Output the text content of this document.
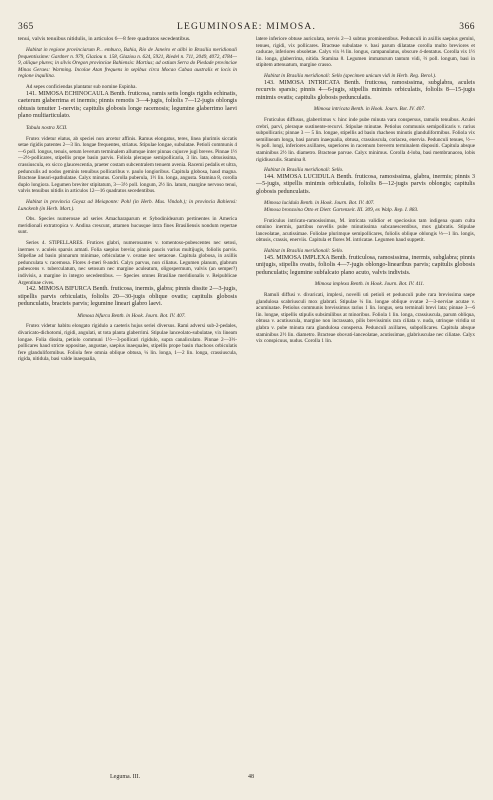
365	LEGUMINOSAE: MIMOSA.	366

tenui, valvis tenuibus nitidulis, in articulos 6—8 fere quadratos secedentibus.

Habitat in regione provinciarum P... embuco, Bahia, Rio de Janeiro et alibi in Brasilia meridionali frequentissime: Gardner n. 979, Glaziou n. 158, Glaziou n. 624, 5921, Riedel n. 711, 2049, 4072, 4784—9, aliique plures; in silvis Oregon provinciae Bahiensis: Martius; ad ostium Serra do Piedade provinciae Minas Geraes: Warming. Incolae Atan frequens in sepibus circa Mocao Cabaa australis et locis in regione inquilina.

Ad sepes conficiendas plantatur sub nomine Espinha.

141. MIMOSA ECHINOCAULA Benth. fruticosa, ramis setis longis rigidis echinatis, caeterum glaberrima et inermis; pinnis remotis 3—4-jugis, foliolis 7—12-jugis oblongis obtusis tenuiter 1-nerviis; capitulis globosis longe racemosis; legumine glaberrimo laevi plano multiarticulato.

Tabula nostra XCII.

Frutex videtur elatus, ab speciei non arcetur affinis. Ramus elongatus, teres, linea plurimis siccatis setae rigidis patentes 2—3 lin. longae frequentes, striatus. Stipulae longae, subulatae. Petioli communis 4—6 poll. longus, tenuis, setum leverum terminalem allumque inter pinnas cujusve jugi breves. Pinnae 1½—2½-pollicares, stipellis prope basin parvis. Foliola pleraque semipollicaria, 3 lin. lata, obtusissima, crassiuscula, ex sicco glaucescentia, praeter costam subcentralem tenuem avenia. Racemi pedalis et ultra, pedunculis ad nodos geminis tenuibus pollicaribus v. paulo longioribus. Capitula globosa, haud magna. Bracteae lineari-spathulatae. Calyx minutus. Corolla puberula, 1½ lin. longa, angusta. Stamina 8, corolla duplo longiora. Legumen breviter stipitatum, 3—3½ poll. longum, 2½ lin. latum, margine nervoso tenui, valvis tenuibus nitidis in articulos 12—16 quadratos secedentibus.

Habitat in provincia Goyaz ad Meiaponte: Pohl (in Herb. Mus. Vindob.); in provincia Bahiensi: Lunckenb (in Herb. Mart.).

Obs. Species numerosae ad series Amacharaparum et Sybodinidearum pertinentes in America meridionali extratropica v. Andina crescunt, attamen hucusque intra fines Brasiliensis nondum repertae sunt.

Series 4. STIPELLARES. Frutices glabri, numerosantes v. tomentoso-pubescentes nec setosi, inermes v. aculeis sparsis armati. Folia saepius brevia; pinnis paucis varius multijugis, foliolis parvis. Stipellae ad basin pinnarum minimae, orbiculatae v. ovatae nec setaceae. Capitula globosa, in axillis pedunculata v. racemosa. Flores 4-meri 8-andri. Calyx parvus, non ciliatus. Legumen planum, glabrum pubescens v. tuberculatum, nec setosum nec margine aculeatum, oligospermum, valvis (an semper?) indivisis, a margine in integro secedentibus. — Species omnes Brasiliae meridionalis v. Reipublicae Argentinae cives.

142. MIMOSA BIFURCA Benth. fruticosa, inermis, glabra; pinnis dissite 2—3-jugis, stipellis parvis orbiculatis, foliolis 20—30-jugis oblique ovatis; capitulis globosis pedunculatis, bracteis parvis; legumine lineari glabro laevi.

Mimosa bifurca Benth. in Hook. Journ. Bot. IV. 407.

Frutex videtur habitu elongato rigidulo a caeteris hujus seriei diversus. Rami adversi sub-2-pedales, divaricato-dichotomi, rigidi, angulati, ut tota planta glaberrimi. Stipulae lanceolato-subulatae, vix lineam longae. Folia dissita, petiolo communi 1½—3-pollicari rigidulo, supra canaliculato. Pinnae 2—3½-pollicares haud stricte oppositae, angustae, saepius inaequales, stipellis prope basin rhachoos orbiculatis fere glanduliformibus. Foliola fere omnia oblique obtusa, ¼ lin. longa, 1—2 lin. longa, crassiuscula, rigida, nitidula, basi valde inaequalia,

latere inferiore obtuse auriculata, nervis 2—3 subtus prominentibus. Pedunculi in axillis saepius gemini, tenues, rigidi, vix pollicares. Bracteae subulatae v. basi parum dilatatae corolla multo breviores et caducae, inferiores obsoletae. Calyx vix ⅓ lin. longus, campanulatus, obscure 4-dentatus. Corolla vix 1½ lin. longa, glaberrima, nitida. Stamina 8. Legumen immaturum tantum vidi, ⅔ poll. longum, basi in stipitem attenuatum, margine crasso.

Habitat in Brasilia meridionali: Sello (specimen unicum vidi in Herb. Reg. Berol.).

143. MIMOSA INTRICATA Benth. fruticosa, ramosissima, subglabra, aculeis recurvis sparsis; pinnis 4—6-jugis, stipellis minimis orbiculatis, foliolis 8—15-jugis minimis ovatis; capitulis globosis pedunculatis.

Mimosa intricata Benth. in Hook. Journ. Bot. IV. 407.

Fruticulus diffusus, glaberrimus v. hinc inde pube minuta vara conspersus, ramulis tenuibus. Aculei crebri, parvi, pleraque sustinente-recurvi. Stipulae minutae. Petiolus communis semipollicaris v. rarius subpollicaris; pinnae 3 — 5 lin. longae, stipellis ad basin rhacheos minutis glanduliformibus. Foliola vix semilineam longa, basi parum inaequalia, obtusa, crassiuscula, coriacea, enervia. Pedunculi tenues, ½—¾ poll. longi, inferiores axillares, superiores in racemum breverm terminalem dispositi. Capitula absque staminibus 2½ lin. diametro. Bracteae parvae. Calyx minimus. Corolla 4-loba, basi membranacea, lobis rigidiusculis. Stamina 8.

Habitat in Brasilia meridionali: Sello.

144. MIMOSA LUCIDULA Benth. fruticosa, ramosissima, glabra, inermis; pinnis 3—5-jugis, stipellis minimis orbiculatis, foliolis 8—12-jugis parvis oblongis; capitulis globosis pedunculatis.

Mimosa lucidula Benth. in Hook. Journ. Bot. IV. 407.

Mimosa bronzoina Otto et Dietr. Gartenzeit. III. 309, ex Walp. Rep. I. 883.

Fruticulus intricato-ramosissimus, M. intricata validior et speciosius tam indigena quam culta omnino inermis, partibus novellis pube minutissima subcanescentibus, mox glabratis. Stipulae lanceolatae, acutissimae. Foliolae plurimque semipollicares, foliolis oblique oblongis ⅓—1 lin. longis, obtusis, crassis, enerviis. Capitula et flores M. intricatae. Legumen haud suppetit.

Habitat in Brasilia meridionali: Sello.

145. MIMOSA IMPLEXA Benth. fruticulosa, ramosissima, inermis, subglabra; pinnis unijugis, stipellis ovatis, foliolis 4—7-jugis oblongo-linearibus parvis; capitulis globosis pedunculatis; legumine subfalcato plano acuto, valvis indivisis.

Mimosa implexa Benth. in Hook. Journ. Bot. IV. 411.

Ramuli diffusi v. divaricati, implexi, novelli uti petioli et pedunculi pube rara brevissima saepe glandulosa scabriusculi mox glabrati. Stipulae ¼ lin. longae oblique ovatae 2—3-nerviae acutae v. acuminatae. Petiolus communis brevissimus rarius 1 lin. longus, seta terminali brevi lata; pinnae 3—6 lin. longae, stipellis stipulis subsimilibus at minoribus. Foliola 1 lin. longa, crassiuscula, parum obliqua, obtusa v. acutiuscula, margine non incrassato, pilis brevissimis rara ciliata v. nuda, utrinque viridia ut glabra v. pube minuta rara glandulosa conspersa. Pedunculi axillares, subpollicares. Capitula absque staminibus 2½ lin. diametro. Bracteae obovati-lanceolatae, acutissimae, glabriusculae nec ciliatae. Calyx vix conspicuus, nudus. Corolla 1 lin.

Leguma. III.	48
